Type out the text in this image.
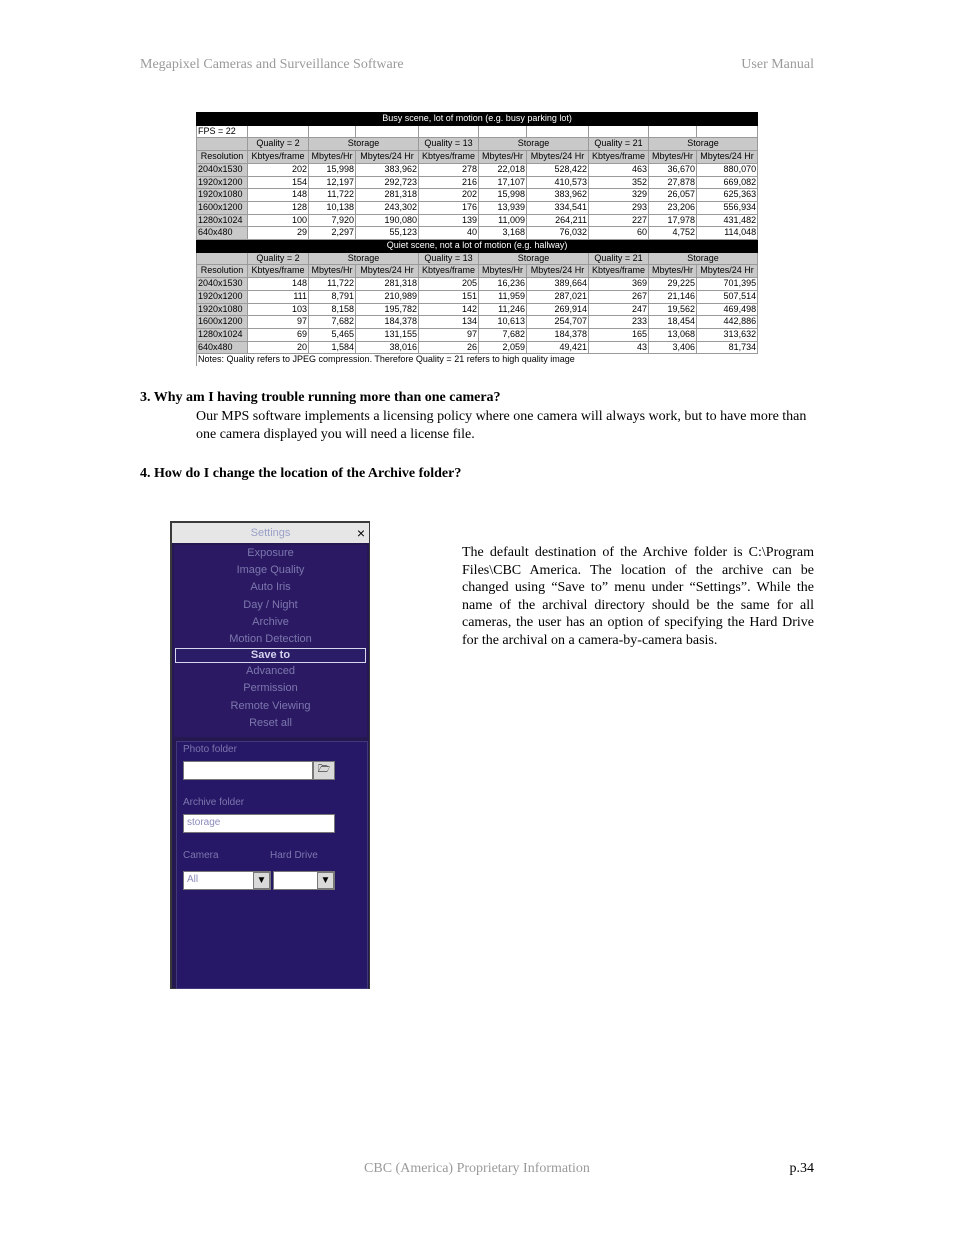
Megapixel Cameras and Surveillance Software	User Manual
Busy scene, lot of motion (e.g. busy parking lot)									
FPS = 22									
	Quality = 2	Storage		Quality = 13	Storage		Quality = 21	Storage	
Resolution	Kbtyes/frame	Mbytes/Hr	Mbytes/24 Hr	Kbtyes/frame	Mbytes/Hr	Mbytes/24 Hr	Kbtyes/frame	Mbytes/Hr	Mbytes/24 Hr
2040x1530	202	15,998	383,962	278	22,018	528,422	463	36,670	880,070
1920x1200	154	12,197	292,723	216	17,107	410,573	352	27,878	669,082
1920x1080	148	11,722	281,318	202	15,998	383,962	329	26,057	625,363
1600x1200	128	10,138	243,302	176	13,939	334,541	293	23,206	556,934
1280x1024	100	7,920	190,080	139	11,009	264,211	227	17,978	431,482
640x480	29	2,297	55,123	40	3,168	76,032	60	4,752	114,048
Quiet scene, not a lot of motion (e.g. hallway)									
	Quality = 2	Storage		Quality = 13	Storage		Quality = 21	Storage	
Resolution	Kbtyes/frame	Mbytes/Hr	Mbytes/24 Hr	Kbtyes/frame	Mbytes/Hr	Mbytes/24 Hr	Kbtyes/frame	Mbytes/Hr	Mbytes/24 Hr
2040x1530	148	11,722	281,318	205	16,236	389,664	369	29,225	701,395
1920x1200	111	8,791	210,989	151	11,959	287,021	267	21,146	507,514
1920x1080	103	8,158	195,782	142	11,246	269,914	247	19,562	469,498
1600x1200	97	7,682	184,378	134	10,613	254,707	233	18,454	442,886
1280x1024	69	5,465	131,155	97	7,682	184,378	165	13,068	313,632
640x480	20	1,584	38,016	26	2,059	49,421	43	3,406	81,734
Notes: Quality refers to JPEG compression. Therefore Quality = 21 refers to high quality image									
3. Why am I having trouble running more than one camera?
Our MPS software implements a licensing policy where one camera will always work, but to have more than one camera displayed you will need a license file.
4. How do I change the location of the Archive folder?
The default destination of the Archive folder is C:\Program Files\CBC America. The location of the archive can be changed using “Save to” menu under “Settings”. While the name of the archival directory should be the same for all cameras, the user has an option of specifying the Hard Drive for the archival on a camera-by-camera basis.
Settings	×
Exposure
Image Quality
Auto Iris
Day / Night
Archive
Motion Detection
Save to
Advanced
Permission
Remote Viewing
Reset all
Photo folder
🗁
Archive folder
storage
Camera	Hard Drive
All	▼	▼
CBC (America) Proprietary Information	p.34
